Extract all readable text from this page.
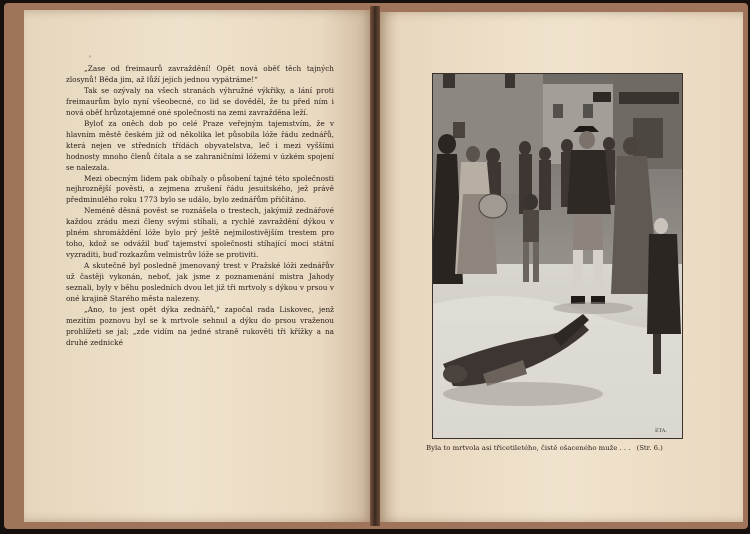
'

„Zase od freimaurů zavraždění! Opět nová oběť těch tajných zlosynů! Běda jim, až lůží jejich jednou vypátráme!“

Tak se ozývaly na všech stranách výhružné výkřiky, a lání proti freimaurům bylo nyní všeobecné, co lid se dověděl, že tu před ním i nová oběť hrůzotajemné oné společnosti na zemi zavražděna leží.

Byloť za oněch dob po celé Praze veřejným tajemstvím, že v hlavním městě českém již od několika let působila lóže řádu zednářů, která nejen ve středních třídách obyvatelstva, leč i mezi vyššími hodnosty mnoho členů čítala a se zahraničními lóžemi v úzkém spojení se nalezala.

Mezi obecným lidem pak obíhaly o působení tajné této společnosti nejhroznější pověsti, a zejmena zrušení řádu jesuitského, jež právě předminulého roku 1773 bylo se událo, bylo zednářům přičítáno.

Neméně děsná pověst se roznášela o trestech, jakýmiž zednářové každou zrádu mezi členy svými stíhali, a rychlé zavraždění dýkou v plném shromáždění lóže bylo prý ještě nejmilostivějším trestem pro toho, kdož se odvážil buď tajemství společnosti stíhající moci státní vyzraditi, buď rozkazům velmistrův lóže se protiviti.

A skutečně byl posledně jmenovaný trest v Pražské lóži zednářův už častěji vykonán, neboť, jak jsme z poznamenání mistra Jahody seznali, byly v běhu posledních dvou let již tři mrtvoly s dýkou v prsou v oné krajině Starého města nalezeny.

„Ano, to jest opět dýka zednářů,“ započal rada Liskovec, jenž mezitím poznovu byl se k mrtvole sehnul a dýku do prsou vraženou prohlížeti se jal; „zde vidím na jedné straně rukověti tři křížky a na druhé zednické

ETA.
Byla to mrtvola asi třicetiletého, čistě ošaceného muže . . . (Str. 6.)
